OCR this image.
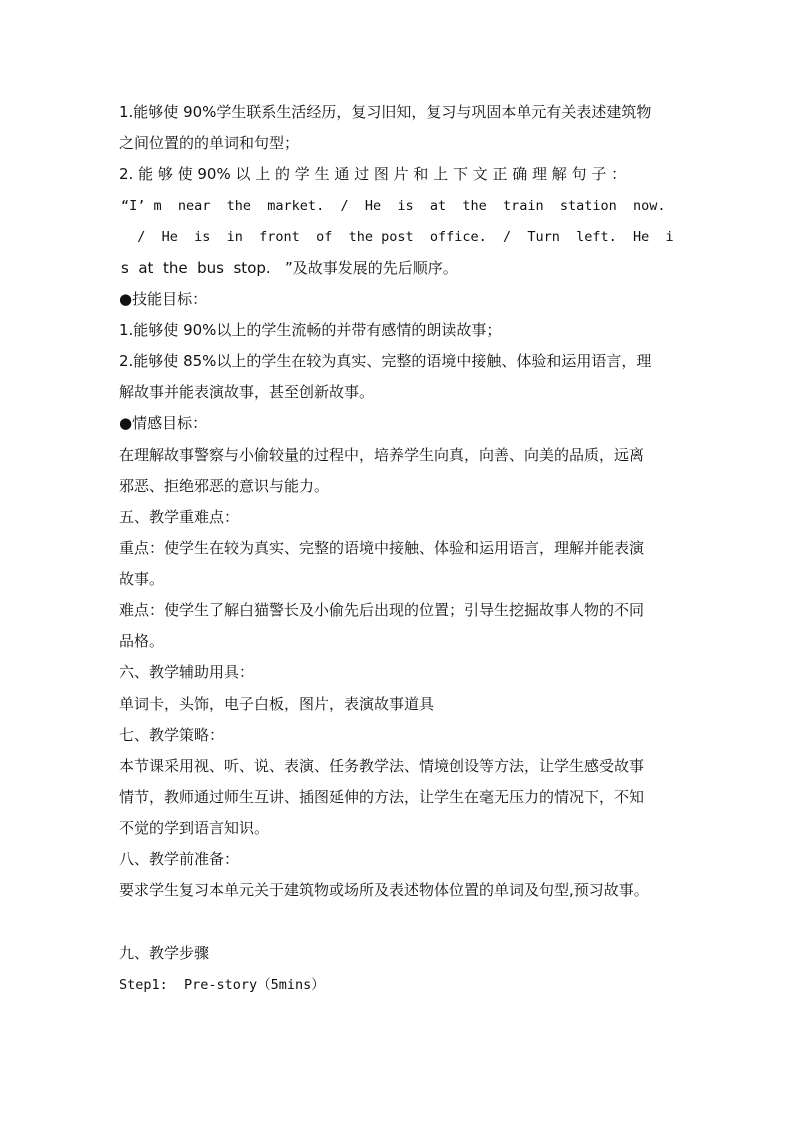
1.能够使 90%学生联系生活经历，复习旧知，复习与巩固本单元有关表述建筑物
之间位置的的单词和句型；
2. 能 够 使 90% 以 上 的 学 生 通 过 图 片 和 上 下 文 正 确 理 解 句 子 ：
“I’ m  near  the  market.  /  He  is  at  the  train  station  now.
/  He  is  in  front  of  the post  office.  /  Turn  left.  He  i
s  at  the  bus  stop.   ”及故事发展的先后顺序。
●技能目标：
1.能够使 90%以上的学生流畅的并带有感情的朗读故事；
2.能够使 85%以上的学生在较为真实、完整的语境中接触、体验和运用语言，理
解故事并能表演故事，甚至创新故事。
●情感目标：
在理解故事警察与小偷较量的过程中，培养学生向真，向善、向美的品质，远离
邪恶、拒绝邪恶的意识与能力。
五、教学重难点：
重点：使学生在较为真实、完整的语境中接触、体验和运用语言，理解并能表演
故事。
难点：使学生了解白猫警长及小偷先后出现的位置；引导生挖掘故事人物的不同
品格。
六、教学辅助用具：
单词卡，头饰，电子白板，图片，表演故事道具
七、教学策略：
本节课采用视、听、说、表演、任务教学法、情境创设等方法，让学生感受故事
情节，教师通过师生互讲、插图延伸的方法，让学生在毫无压力的情况下，不知
不觉的学到语言知识。
八、教学前准备：
要求学生复习本单元关于建筑物或场所及表述物体位置的单词及句型,预习故事。
九、教学步骤
Step1:  Pre-story（5mins）
